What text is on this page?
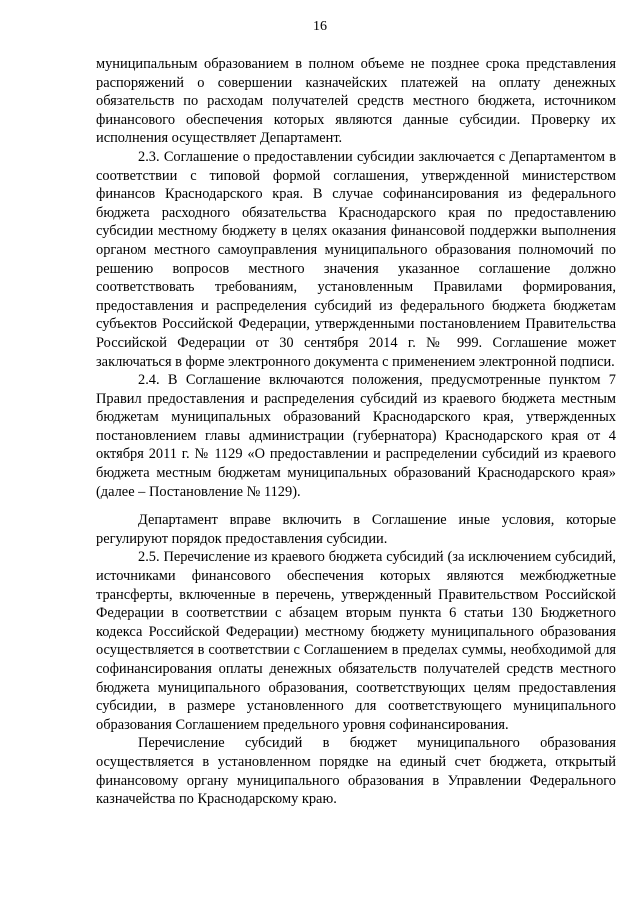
16

муниципальным образованием в полном объеме не позднее срока представления распоряжений о совершении казначейских платежей на оплату денежных обязательств по расходам получателей средств местного бюджета, источником финансового обеспечения которых являются данные субсидии. Проверку их исполнения осуществляет Департамент.

2.3. Соглашение о предоставлении субсидии заключается с Департаментом в соответствии с типовой формой соглашения, утвержденной министерством финансов Краснодарского края. В случае софинансирования из федерального бюджета расходного обязательства Краснодарского края по предоставлению субсидии местному бюджету в целях оказания финансовой поддержки выполнения органом местного самоуправления муниципального образования полномочий по решению вопросов местного значения указанное соглашение должно соответствовать требованиям, установленным Правилами формирования, предоставления и распределения субсидий из федерального бюджета бюджетам субъектов Российской Федерации, утвержденными постановлением Правительства Российской Федерации от 30 сентября 2014 г. № 999. Соглашение может заключаться в форме электронного документа с применением электронной подписи.

2.4. В Соглашение включаются положения, предусмотренные пунктом 7 Правил предоставления и распределения субсидий из краевого бюджета местным бюджетам муниципальных образований Краснодарского края, утвержденных постановлением главы администрации (губернатора) Краснодарского края от 4 октября 2011 г. № 1129 «О предоставлении и распределении субсидий из краевого бюджета местным бюджетам муниципальных образований Краснодарского края» (далее – Постановление № 1129).

Департамент вправе включить в Соглашение иные условия, которые регулируют порядок предоставления субсидии.

2.5. Перечисление из краевого бюджета субсидий (за исключением субсидий, источниками финансового обеспечения которых являются межбюджетные трансферты, включенные в перечень, утвержденный Правительством Российской Федерации в соответствии с абзацем вторым пункта 6 статьи 130 Бюджетного кодекса Российской Федерации) местному бюджету муниципального образования осуществляется в соответствии с Соглашением в пределах суммы, необходимой для софинансирования оплаты денежных обязательств получателей средств местного бюджета муниципального образования, соответствующих целям предоставления субсидии, в размере установленного для соответствующего муниципального образования Соглашением предельного уровня софинансирования.

Перечисление субсидий в бюджет муниципального образования осуществляется в установленном порядке на единый счет бюджета, открытый финансовому органу муниципального образования в Управлении Федерального казначейства по Краснодарскому краю.
